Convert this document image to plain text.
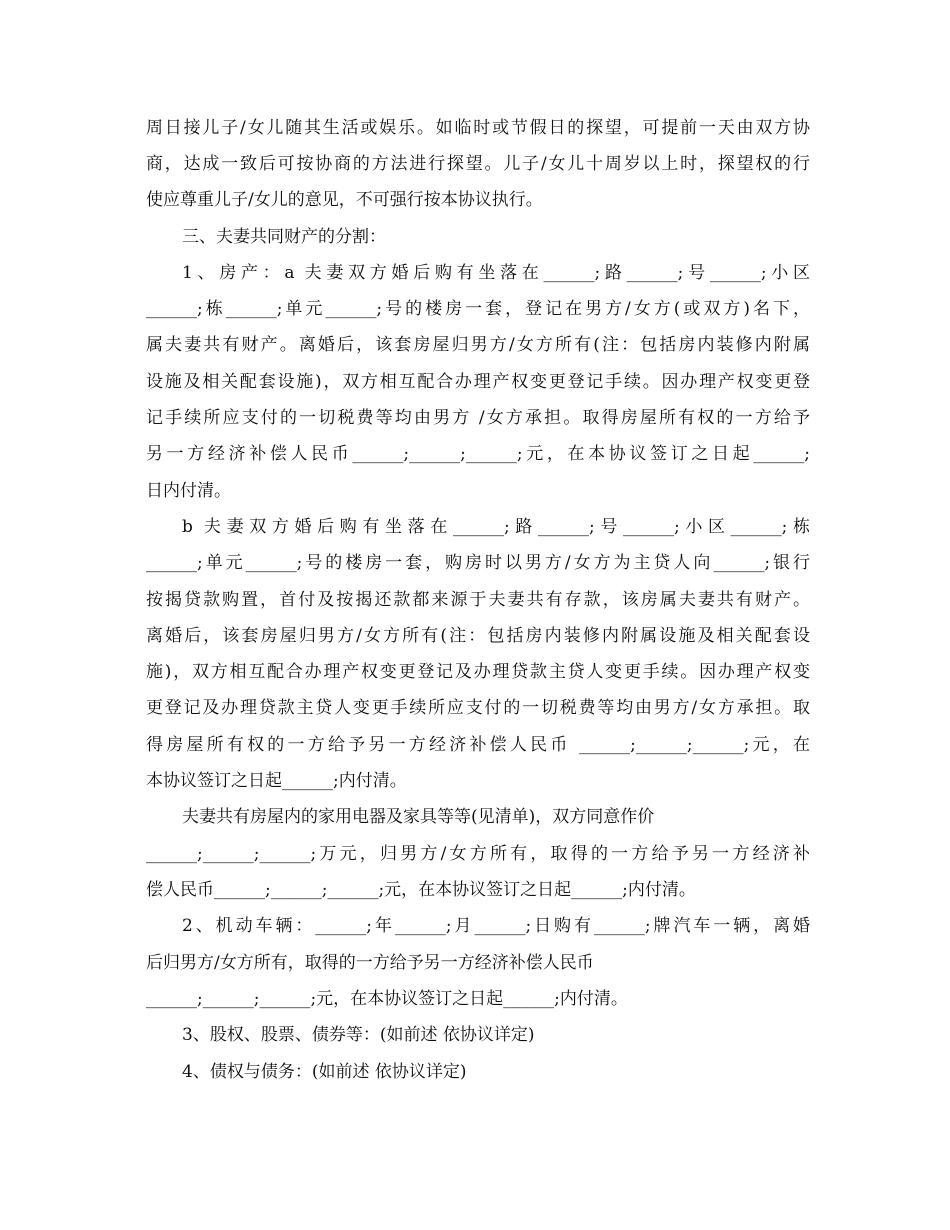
周日接儿子/女儿随其生活或娱乐。如临时或节假日的探望，可提前一天由双方协
商，达成一致后可按协商的方法进行探望。儿子/女儿十周岁以上时，探望权的行
使应尊重儿子/女儿的意见，不可强行按本协议执行。
三、夫妻共同财产的分割：
1、房产：a 夫妻双方婚后购有坐落在______;路______;号______;小区
______;栋______;单元______;号的楼房一套，登记在男方/女方(或双方)名下，
属夫妻共有财产。离婚后，该套房屋归男方/女方所有(注：包括房内装修内附属
设施及相关配套设施)，双方相互配合办理产权变更登记手续。因办理产权变更登
记手续所应支付的一切税费等均由男方 /女方承担。取得房屋所有权的一方给予
另一方经济补偿人民币______;______;______;元，在本协议签订之日起______;
日内付清。
b 夫妻双方婚后购有坐落在______;路______;号______;小区______;栋
______;单元______;号的楼房一套，购房时以男方/女方为主贷人向______;银行
按揭贷款购置，首付及按揭还款都来源于夫妻共有存款，该房属夫妻共有财产。
离婚后，该套房屋归男方/女方所有(注：包括房内装修内附属设施及相关配套设
施)，双方相互配合办理产权变更登记及办理贷款主贷人变更手续。因办理产权变
更登记及办理贷款主贷人变更手续所应支付的一切税费等均由男方/女方承担。取
得房屋所有权的一方给予另一方经济补偿人民币 ______;______;______;元，在
本协议签订之日起______;内付清。
夫妻共有房屋内的家用电器及家具等等(见清单)，双方同意作价
______;______;______;万元，归男方/女方所有，取得的一方给予另一方经济补
偿人民币______;______;______;元，在本协议签订之日起______;内付清。
2、机动车辆：______;年______;月______;日购有______;牌汽车一辆，离婚
后归男方/女方所有，取得的一方给予另一方经济补偿人民币
______;______;______;元，在本协议签订之日起______;内付清。
3、股权、股票、债券等：(如前述 依协议详定)
4、债权与债务：(如前述 依协议详定)
